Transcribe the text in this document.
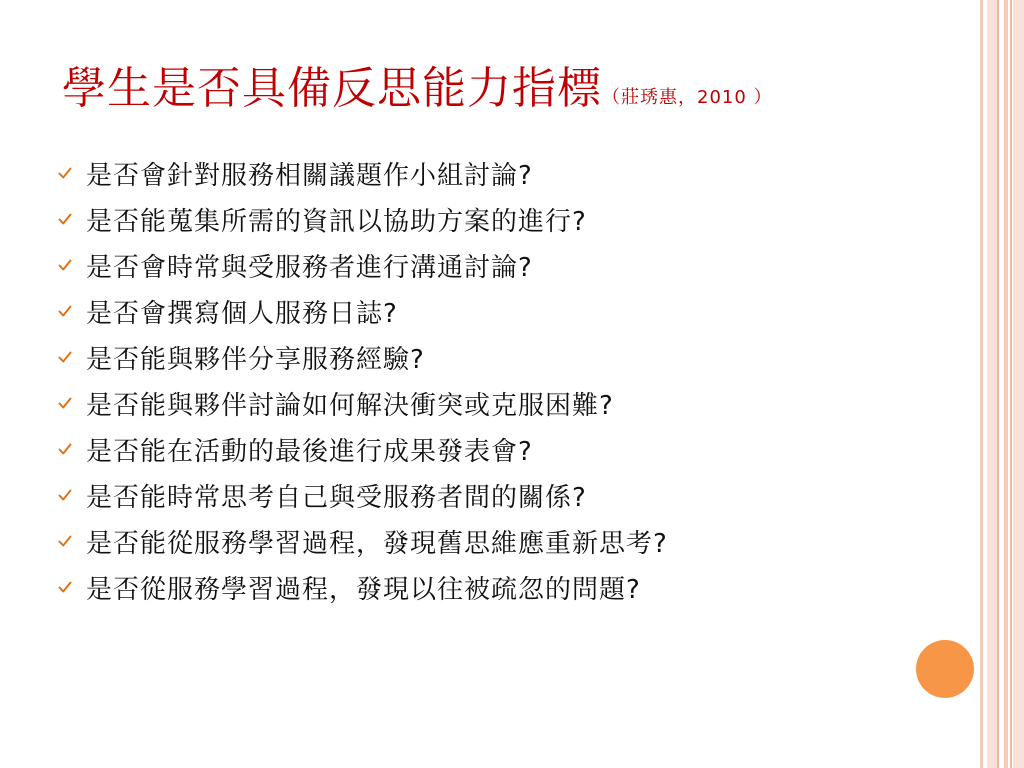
學生是否具備反思能力指標（莊琇惠，2010 ）
是否會針對服務相關議題作小組討論?
是否能蒐集所需的資訊以協助方案的進行?
是否會時常與受服務者進行溝通討論?
是否會撰寫個人服務日誌?
是否能與夥伴分享服務經驗?
是否能與夥伴討論如何解決衝突或克服困難?
是否能在活動的最後進行成果發表會?
是否能時常思考自己與受服務者間的關係?
是否能從服務學習過程，發現舊思維應重新思考?
是否從服務學習過程，發現以往被疏忽的問題?
